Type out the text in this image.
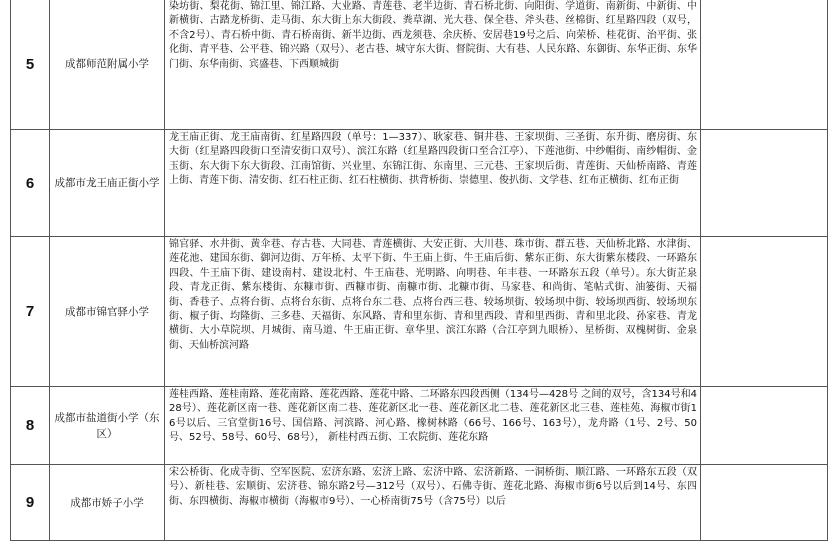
5	成都师范附属小学	染坊街、梨花街、锦江里、锦江路、大业路、青莲巷、老半边街、青石桥北街、向阳街、学道街、南新街、中新街、中新横街、古踏龙桥街、走马街、东大街上东大街段、粪草湖、光大巷、保全巷、斧头巷、丝棉街、红星路四段（双号，不含2号）、青石桥中街、青石桥南街、新半边街、西龙须巷、余庆桥、安居巷19号之后、向荣桥、桂花街、治平街、张化街、青平巷、公平巷、锦兴路（双号）、老古巷、城守东大街、督院街、大有巷、人民东路、东御街、东华正街、东华门街、东华南街、宾盛巷、下西顺城街	
6	成都市龙王庙正街小学	龙王庙正街、龙王庙南街、红星路四段（单号：1—337）、耿家巷、铜井巷、王家坝街、三圣街、东升街、磨房街、东大街（红星路四段街口至清安街口双号）、滨江东路（红星路四段街口至合江亭）、下莲池街、中纱帽街、南纱帽街、金玉街、东大街下东大街段、江南馆街、兴业里、东锦江街、东南里、三元巷、王家坝后街、青莲街、天仙桥南路、青莲上街、青莲下街、清安街、红石柱正街、红石柱横街、拱背桥街、崇德里、俊扒街、文学巷、红布正横街、红布正街	
7	成都市锦官驿小学	锦官驿、水井街、黄伞巷、存古巷、大同巷、青莲横街、大安正街、大川巷、珠市街、群五巷、天仙桥北路、水津街、莲花池、建国东街、御河边街、万年桥、太平下街、牛王庙上街、牛王庙后街、紫东正街、东大街紫东楼段、一环路东四段、牛王庙下街、建设南村、建设北村、牛王庙巷、光明路、向明巷、年丰巷、一环路东五段（单号）。东大街芷泉段、青龙正街、紫东楼街、东糠市街、西糠市街、南糠市街、北糠市街、马家巷、和尚街、笔帖式街、油篓街、天福街、香巷子、点将台街、点将台东街、点将台东二巷、点将台西三巷、较场坝街、较场坝中街、较场坝西街、较场坝东街、椒子街、均隆街、三多巷、天福街、东风路、青和里东街、青和里西段、青和里西街、青和里北段、孙家巷、青龙横街、大小草院坝、月城街、南马道、牛王庙正街、章华里、滨江东路（合江亭到九眼桥）、星桥街、双槐树街、金泉街、天仙桥滨河路	
8	成都市盐道街小学（东区）	莲桂西路、莲桂南路、莲花南路、莲花西路、莲花中路、二环路东四段西侧（134号—428号 之间的双号，含134号和428号）、莲花新区南一巷、莲花新区南二巷、莲花新区北一巷、莲花新区北二巷、莲花新区北三巷、莲桂苑、海椒市街16号以后、三官堂街16号、国信路、河滨路、河心路、橡树林路（66号、166号、163号），龙舟路（1号、2号、50号、52号、58号、60号、68号）， 新桂村西五街、工农院街、莲花东路	
9	成都市娇子小学	宋公桥街、化成寺街、空军医院、宏济东路、宏济上路、宏济中路、宏济新路、一洞桥街、顺江路、一环路东五段（双号）、新桂巷、宏顺街、宏济巷、锦东路2号—312号（双号）、石佛寺街、莲花北路、海椒市街6号以后到14号、东四街、东四横街、海椒市横街（海椒市9号）、一心桥南街75号（含75号）以后	
